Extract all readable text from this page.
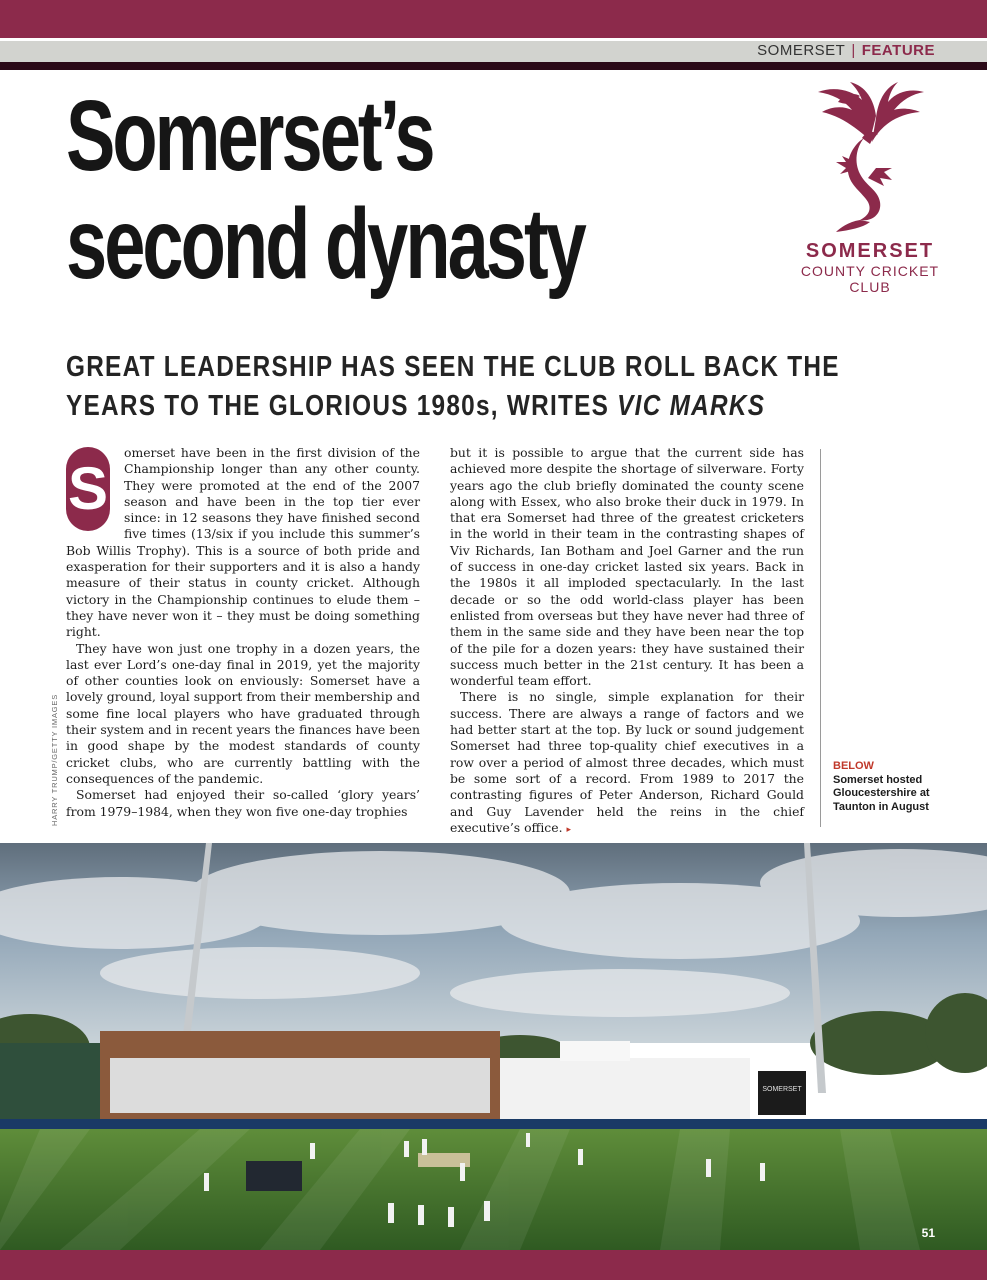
SOMERSET | FEATURE
Somerset’s
second dynasty	SOMERSET
COUNTY CRICKET
CLUB
GREAT LEADERSHIP HAS SEEN THE CLUB ROLL BACK THE
YEARS TO THE GLORIOUS 1980s, WRITES VIC MARKS

S
omerset have been in the first division of the Championship longer than any other county. They were promoted at the end of the 2007 season and have been in the top tier ever since: in 12 seasons they have finished second five times (13/six if you include this summer’s Bob Willis Trophy). This is a source of both pride and exasperation for their supporters and it is also a handy measure of their status in county cricket. Although victory in the Championship continues to elude them – they have never won it – they must be doing something right.

They have won just one trophy in a dozen years, the last ever Lord’s one-day final in 2019, yet the majority of other counties look on enviously: Somerset have a lovely ground, loyal support from their membership and some fine local players who have graduated through their system and in recent years the finances have been in good shape by the modest standards of county cricket clubs, who are currently battling with the consequences of the pandemic.

Somerset had enjoyed their so-called ‘glory years’ from 1979–1984, when they won five one-day trophies

but it is possible to argue that the current side has achieved more despite the shortage of silverware. Forty years ago the club briefly dominated the county scene along with Essex, who also broke their duck in 1979. In that era Somerset had three of the greatest cricketers in the world in their team in the contrasting shapes of Viv Richards, Ian Botham and Joel Garner and the run of success in one-day cricket lasted six years. Back in the 1980s it all imploded spectacularly. In the last decade or so the odd world-class player has been enlisted from overseas but they have never had three of them in the same side and they have been near the top of the pile for a dozen years: they have sustained their success much better in the 21st century. It has been a wonderful team effort.

There is no single, simple explanation for their success. There are always a range of factors and we had better start at the top. By luck or sound judgement Somerset had three top-quality chief executives in a row over a period of almost three decades, which must be some sort of a record. From 1989 to 2017 the contrasting figures of Peter Anderson, Richard Gould and Guy Lavender held the reins in the chief executive’s office. ▸

HARRY TRUMP/GETTY IMAGES	BELOW
Somerset hosted Gloucestershire at Taunton in August
SOMERSET
51
